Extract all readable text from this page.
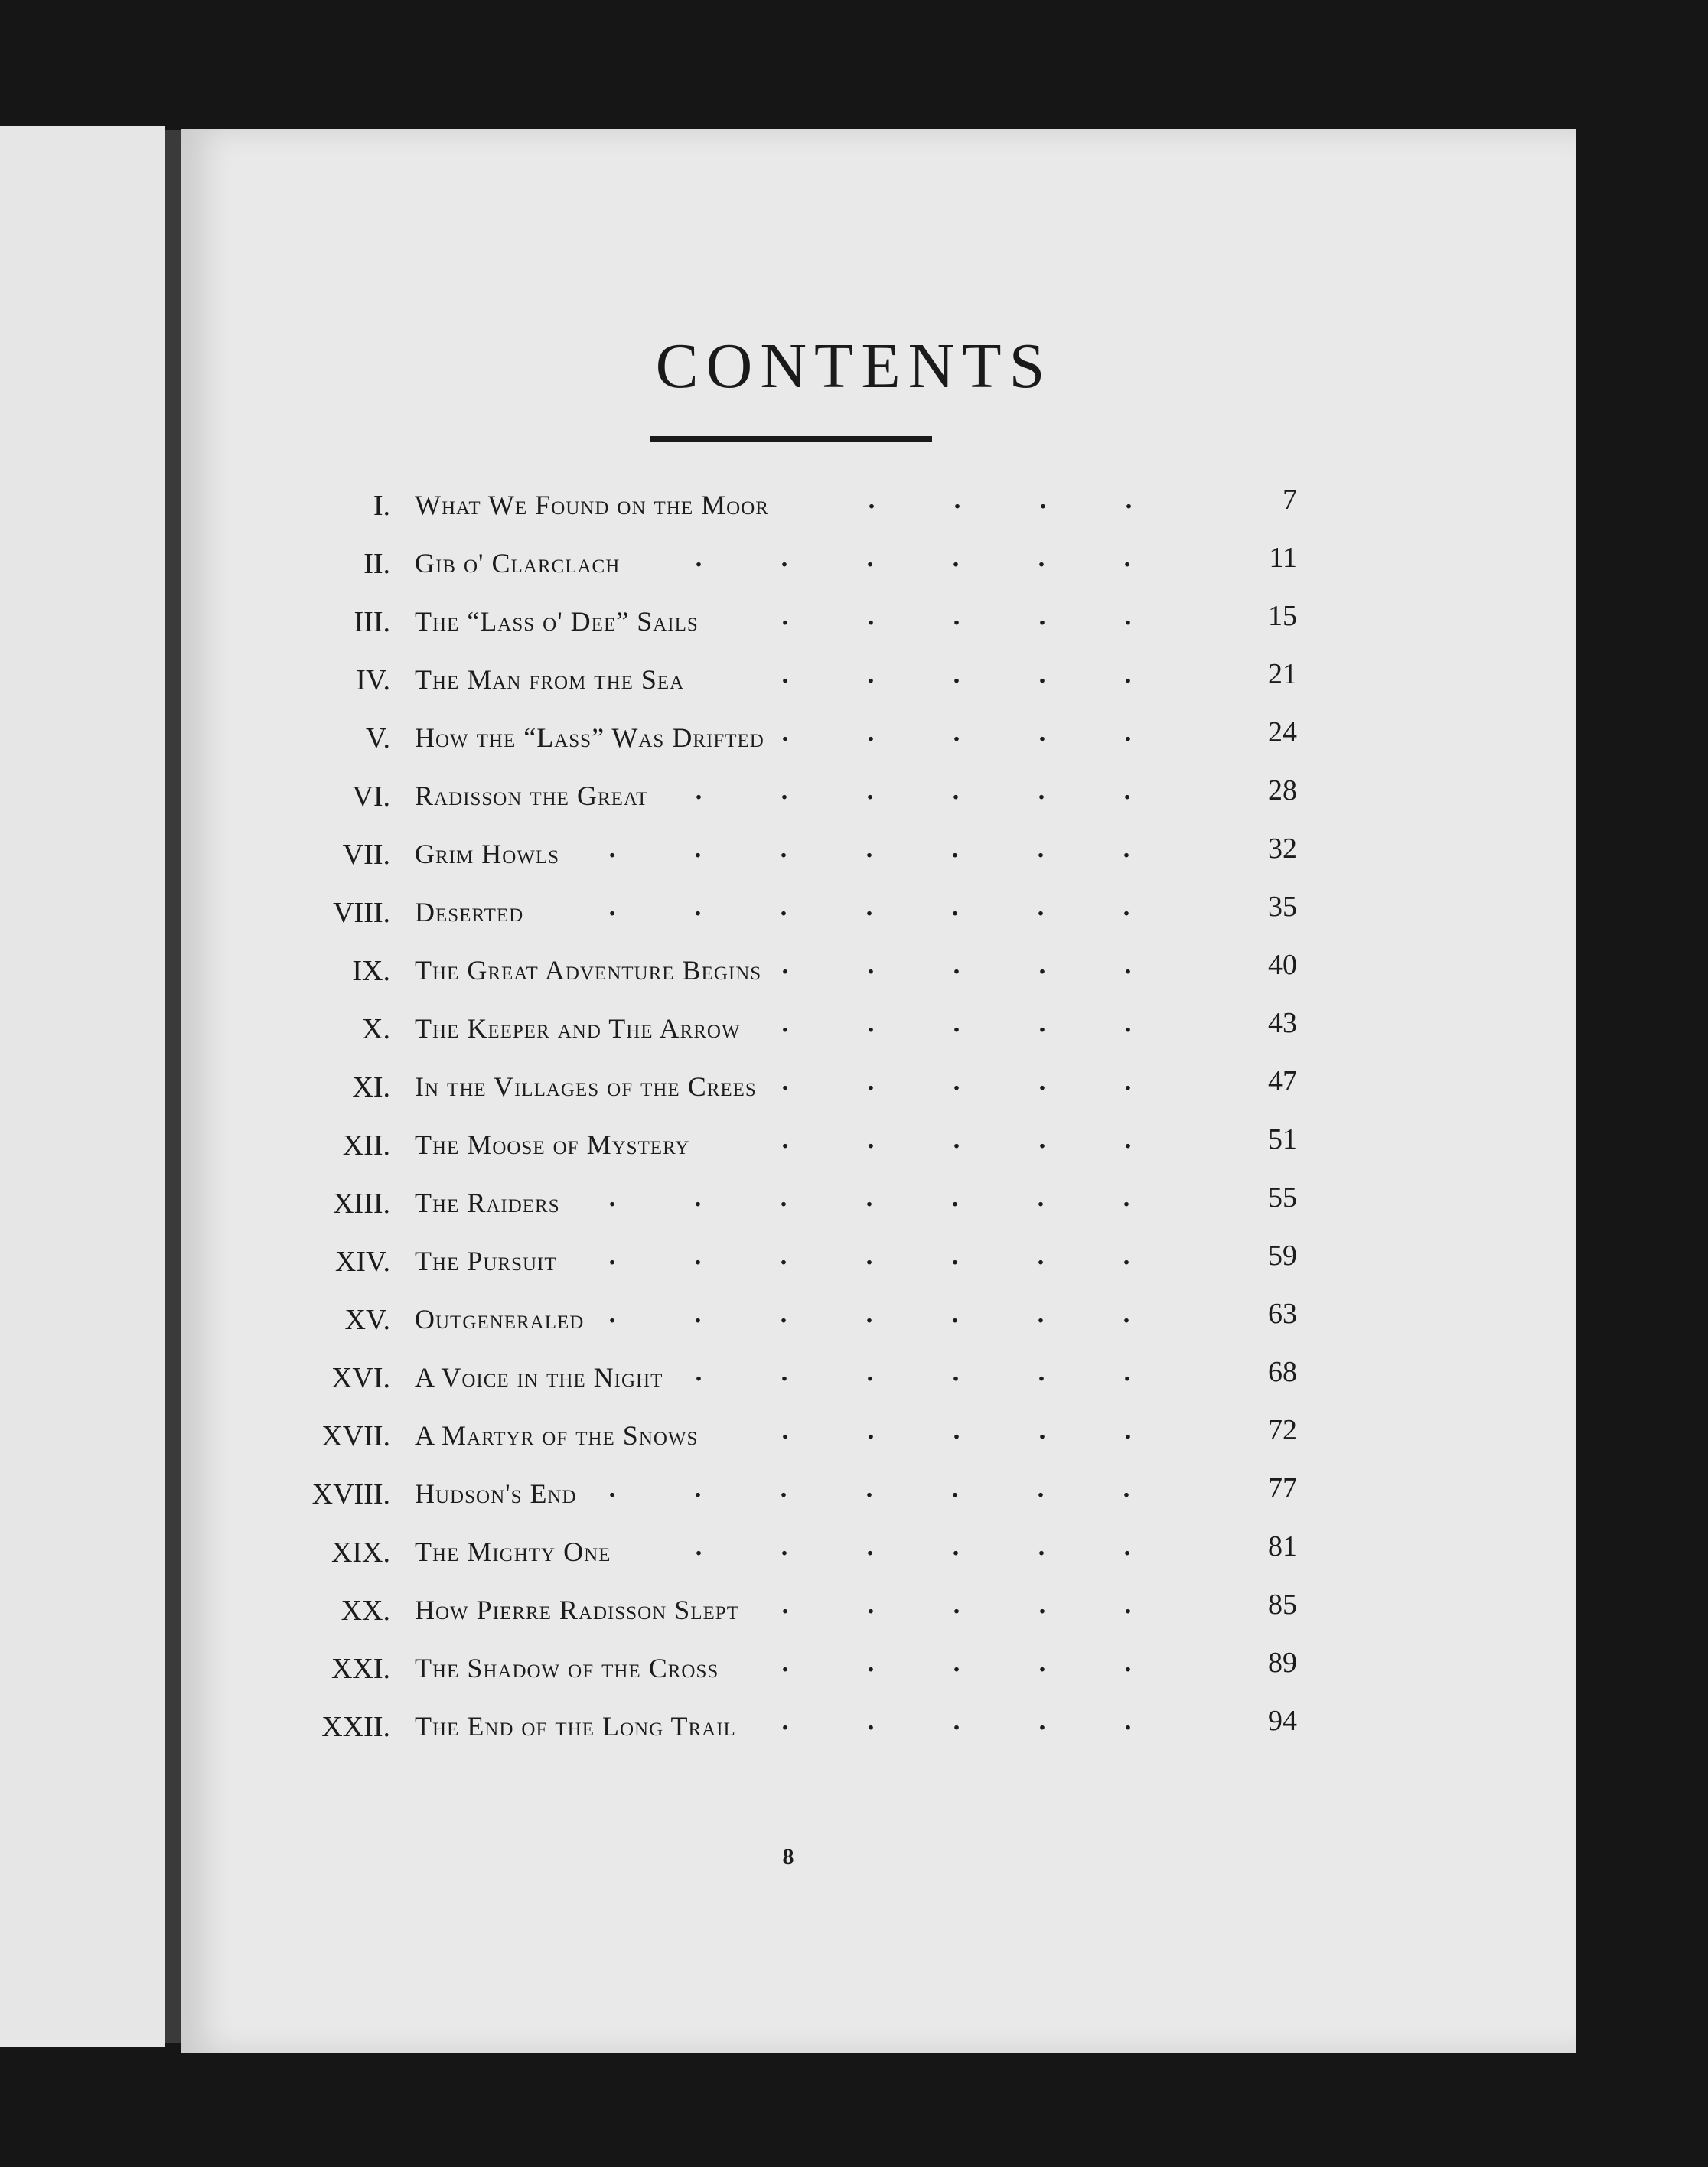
CONTENTS
I. What We Found on the Moor	7
....
II. Gib o' Clarclach	11
......
III. The “Lass o' Dee” Sails	15
.....
IV. The Man from the Sea	21
.....
V. How the “Lass” Was Drifted	24
.....
VI. Radisson the Great	28
......
VII. Grim Howls	32
.......
VIII. Deserted	35
.......
IX. The Great Adventure Begins	40
.....
X. The Keeper and The Arrow	43
.....
XI. In the Villages of the Crees	47
.....
XII. The Moose of Mystery	51
.....
XIII. The Raiders	55
.......
XIV. The Pursuit	59
.......
XV. Outgeneraled	63
.......
XVI. A Voice in the Night	68
......
XVII. A Martyr of the Snows	72
.....
XVIII. Hudson's End	77
.......
XIX. The Mighty One	81
......
XX. How Pierre Radisson Slept	85
.....
XXI. The Shadow of the Cross	89
.....
XXII. The End of the Long Trail	94
.....
8
